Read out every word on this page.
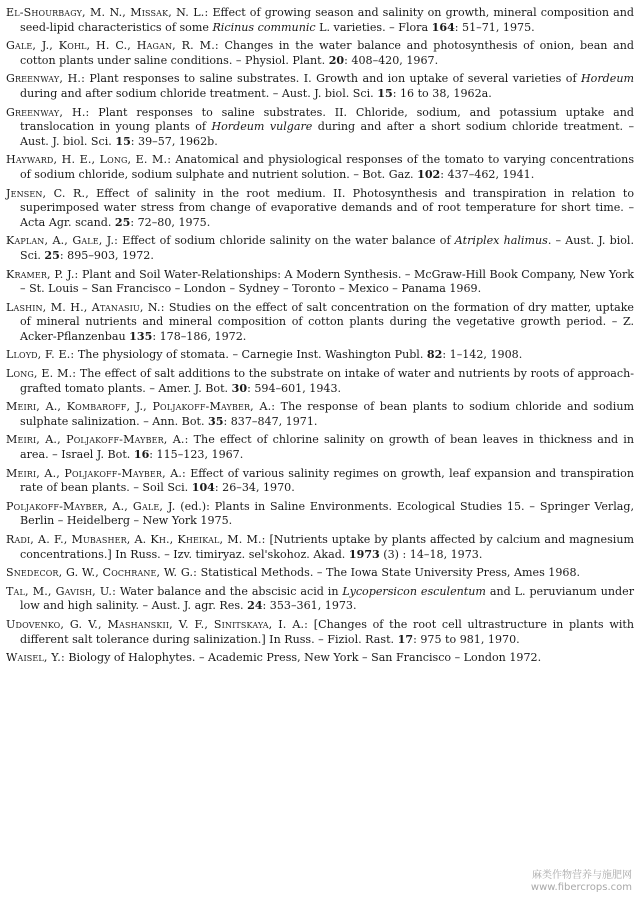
El-Shourbagy, M. N., Missak, N. L.: Effect of growing season and salinity on growth, mineral composition and seed-lipid characteristics of some Ricinus communic L. varieties. – Flora 164: 51–71, 1975.

Gale, J., Kohl, H. C., Hagan, R. M.: Changes in the water balance and photosynthesis of onion, bean and cotton plants under saline conditions. – Physiol. Plant. 20: 408–420, 1967.

Greenway, H.: Plant responses to saline substrates. I. Growth and ion uptake of several varieties of Hordeum during and after sodium chloride treatment. – Aust. J. biol. Sci. 15: 16 to 38, 1962a.

Greenway, H.: Plant responses to saline substrates. II. Chloride, sodium, and potassium uptake and translocation in young plants of Hordeum vulgare during and after a short sodium chloride treatment. – Aust. J. biol. Sci. 15: 39–57, 1962b.

Hayward, H. E., Long, E. M.: Anatomical and physiological responses of the tomato to varying concentrations of sodium chloride, sodium sulphate and nutrient solution. – Bot. Gaz. 102: 437–462, 1941.

Jensen, C. R., Effect of salinity in the root medium. II. Photosynthesis and transpiration in relation to superimposed water stress from change of evaporative demands and of root temperature for short time. – Acta Agr. scand. 25: 72–80, 1975.

Kaplan, A., Gale, J.: Effect of sodium chloride salinity on the water balance of Atriplex halimus. – Aust. J. biol. Sci. 25: 895–903, 1972.

Kramer, P. J.: Plant and Soil Water-Relationships: A Modern Synthesis. – McGraw-Hill Book Company, New York – St. Louis – San Francisco – London – Sydney – Toronto – Mexico – Panama 1969.

Lashin, M. H., Atanasiu, N.: Studies on the effect of salt concentration on the formation of dry matter, uptake of mineral nutrients and mineral composition of cotton plants during the vegetative growth period. – Z. Acker-Pflanzenbau 135: 178–186, 1972.

Lloyd, F. E.: The physiology of stomata. – Carnegie Inst. Washington Publ. 82: 1–142, 1908.

Long, E. M.: The effect of salt additions to the substrate on intake of water and nutrients by roots of approach-grafted tomato plants. – Amer. J. Bot. 30: 594–601, 1943.

Meiri, A., Kombaroff, J., Poljakoff-Mayber, A.: The response of bean plants to sodium chloride and sodium sulphate salinization. – Ann. Bot. 35: 837–847, 1971.

Meiri, A., Poljakoff-Mayber, A.: The effect of chlorine salinity on growth of bean leaves in thickness and in area. – Israel J. Bot. 16: 115–123, 1967.

Meiri, A., Poljakoff-Mayber, A.: Effect of various salinity regimes on growth, leaf expansion and transpiration rate of bean plants. – Soil Sci. 104: 26–34, 1970.

Poljakoff-Mayber, A., Gale, J. (ed.): Plants in Saline Environments. Ecological Studies 15. – Springer Verlag, Berlin – Heidelberg – New York 1975.

Radi, A. F., Mubasher, A. Kh., Kheikal, M. M.: [Nutrients uptake by plants affected by calcium and magnesium concentrations.] In Russ. – Izv. timiryaz. sel'skohoz. Akad. 1973 (3) : 14–18, 1973.

Snedecor, G. W., Cochrane, W. G.: Statistical Methods. – The Iowa State University Press, Ames 1968.

Tal, M., Gavish, U.: Water balance and the abscisic acid in Lycopersicon esculentum and L. peruvianum under low and high salinity. – Aust. J. agr. Res. 24: 353–361, 1973.

Udovenko, G. V., Mashanskii, V. F., Sinitskaya, I. A.: [Changes of the root cell ultrastructure in plants with different salt tolerance during salinization.] In Russ. – Fiziol. Rast. 17: 975 to 981, 1970.

Waisel, Y.: Biology of Halophytes. – Academic Press, New York – San Francisco – London 1972.

麻类作物营养与施肥网
www.fibercrops.com
